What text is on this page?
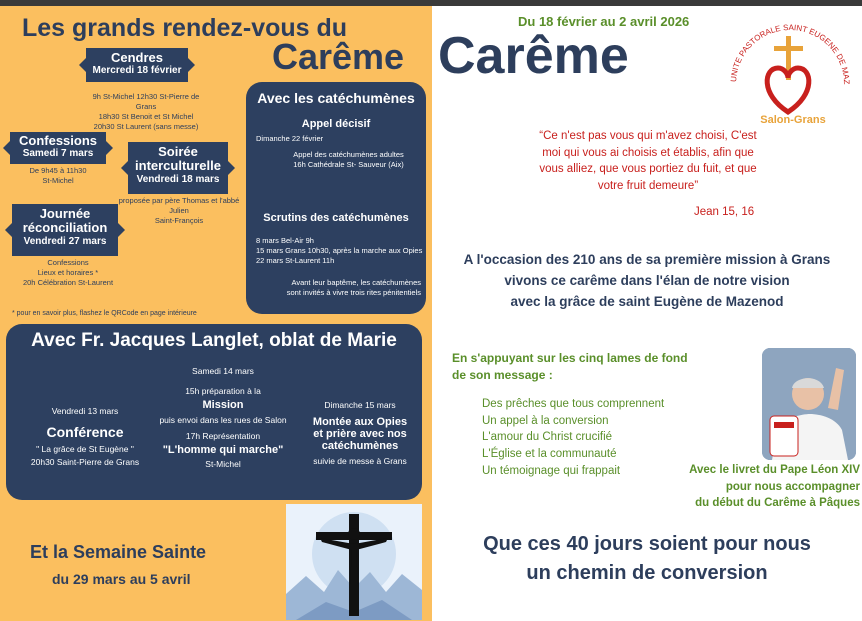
Les grands rendez-vous du
Carême
Cendres
Mercredi 18 février
9h St-Michel 12h30 St-Pierre de Grans
18h30 St Benoit et St Michel
20h30 St Laurent (sans messe)
Confessions
Samedi 7 mars
De 9h45 à 11h30
St-Michel
Soirée
interculturelle
Vendredi 18 mars
proposée par père Thomas et l'abbé Julien
Saint-François
Journée
réconciliation
Vendredi 27 mars
Confessions
Lieux et horaires *
20h Célébration St-Laurent
* pour en savoir plus, flashez le QRCode en page intérieure
Avec les catéchumènes
Appel décisif
Dimanche 22 février
Appel des catéchumènes adultes
16h Cathédrale St- Sauveur (Aix)
Scrutins des catéchumènes
8 mars Bel-Air 9h
15 mars Grans 10h30, après la marche aux Opies
22 mars St-Laurent 11h
Avant leur baptême, les catéchumènes
sont invités à vivre trois rites pénitentiels
Avec Fr. Jacques Langlet, oblat de Marie
Vendredi 13 mars
Conférence
" La grâce de St Eugène "
20h30 Saint-Pierre de Grans
Samedi 14 mars
15h préparation à la
Mission
puis envoi dans les rues de Salon
17h Représentation
"L'homme qui marche"
St-Michel
Dimanche 15 mars
Montée aux Opies
et prière avec nos
catéchumènes
suivie de messe à Grans
Et la Semaine Sainte
du 29 mars au 5 avril
Du 18 février au 2 avril 2026
Carême	UNITE PASTORALE SAINT EUGENE DE MAZ
Salon-Grans
“Ce n'est pas vous qui m'avez choisi, C'est
moi qui vous ai choisis et établis, afin que
vous alliez, que vous portiez du fuit, et que
votre fruit demeure”
Jean 15, 16
A l'occasion des 210 ans de sa première mission à Grans
vivons ce carême dans l'élan de notre vision
avec la grâce de saint Eugène de Mazenod
En s'appuyant sur les cinq lames de fond
de son message :
Des prêches que tous comprennent
Un appel à la conversion
L'amour du Christ crucifié
L'Église et la communauté
Un témoignage qui frappait	Avec le livret du Pape Léon XIV
pour nous accompagner
du début du Carême à Pâques
Que ces 40 jours soient pour nous
un chemin de conversion
